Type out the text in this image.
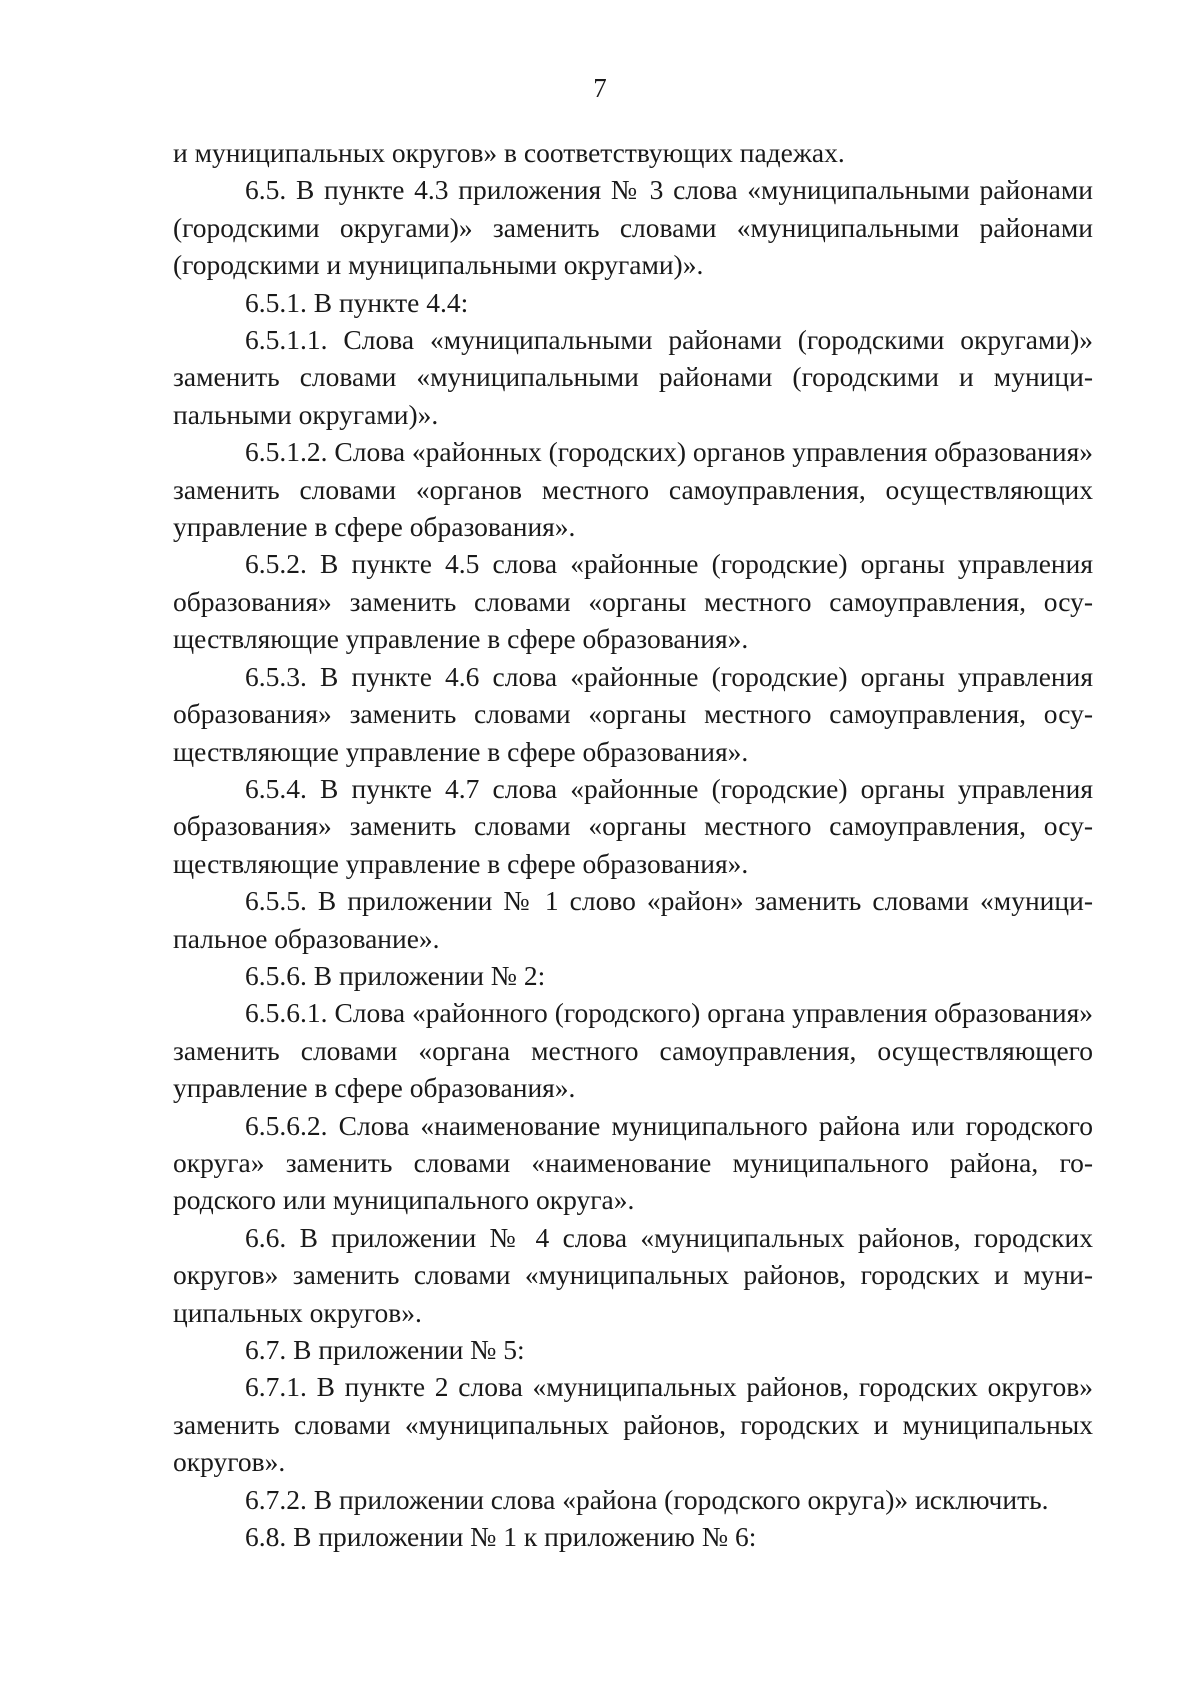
7

и муниципальных округов» в соответствующих падежах.

6.5. В пункте 4.3 приложения № 3 слова «муниципальными районами (городскими округами)» заменить словами «муниципальными районами (городскими и муниципальными округами)».

6.5.1. В пункте 4.4:

6.5.1.1. Слова «муниципальными районами (городскими округами)» заменить словами «муниципальными районами (городскими и муниципальными округами)».

6.5.1.2. Слова «районных (городских) органов управления образования» заменить словами «органов местного самоуправления, осуществляющих управление в сфере образования».

6.5.2. В пункте 4.5 слова «районные (городские) органы управления образования» заменить словами «органы местного самоуправления, осуществляющие управление в сфере образования».

6.5.3. В пункте 4.6 слова «районные (городские) органы управления образования» заменить словами «органы местного самоуправления, осуществляющие управление в сфере образования».

6.5.4. В пункте 4.7 слова «районные (городские) органы управления образования» заменить словами «органы местного самоуправления, осуществляющие управление в сфере образования».

6.5.5. В приложении № 1 слово «район» заменить словами «муниципальное образование».

6.5.6. В приложении № 2:

6.5.6.1. Слова «районного (городского) органа управления образования» заменить словами «органа местного самоуправления, осуществляющего управление в сфере образования».

6.5.6.2. Слова «наименование муниципального района или городского округа» заменить словами «наименование муниципального района, городского или муниципального округа».

6.6. В приложении № 4 слова «муниципальных районов, городских округов» заменить словами «муниципальных районов, городских и муниципальных округов».

6.7. В приложении № 5:

6.7.1. В пункте 2 слова «муниципальных районов, городских округов» заменить словами «муниципальных районов, городских и муниципальных округов».

6.7.2. В приложении слова «района (городского округа)» исключить.

6.8. В приложении № 1 к приложению № 6:
